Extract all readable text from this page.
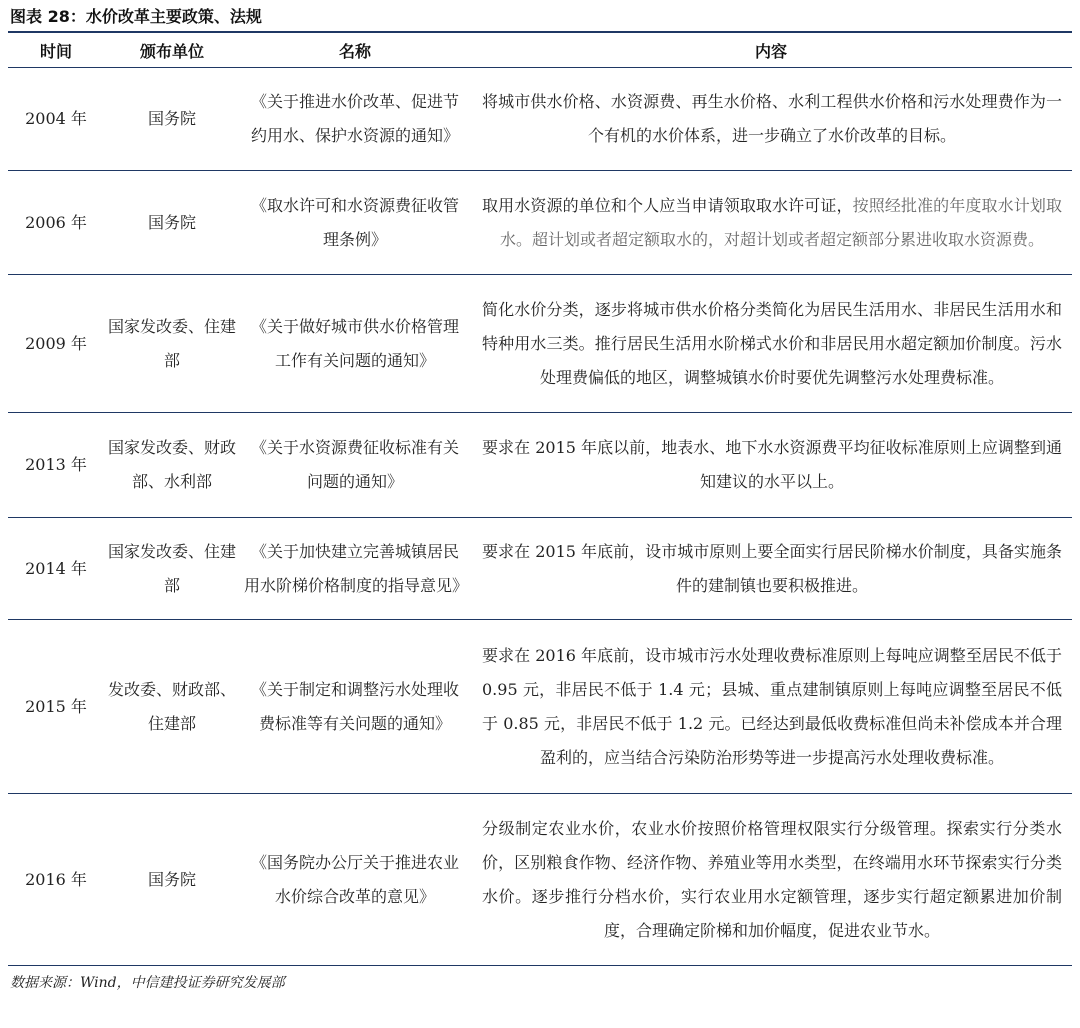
图表 28：水价改革主要政策、法规
时间	颁布单位	名称	内容
2004 年	国务院	《关于推进水价改革、促进节约用水、保护水资源的通知》	将城市供水价格、水资源费、再生水价格、水利工程供水价格和污水处理费作为一个有机的水价体系，进一步确立了水价改革的目标。
2006 年	国务院	《取水许可和水资源费征收管理条例》	取用水资源的单位和个人应当申请领取取水许可证，按照经批准的年度取水计划取水。超计划或者超定额取水的，对超计划或者超定额部分累进收取水资源费。
2009 年	国家发改委、住建部	《关于做好城市供水价格管理工作有关问题的通知》	简化水价分类，逐步将城市供水价格分类简化为居民生活用水、非居民生活用水和特种用水三类。推行居民生活用水阶梯式水价和非居民用水超定额加价制度。污水处理费偏低的地区，调整城镇水价时要优先调整污水处理费标准。
2013 年	国家发改委、财政部、水利部	《关于水资源费征收标准有关问题的通知》	要求在 2015 年底以前，地表水、地下水水资源费平均征收标准原则上应调整到通知建议的水平以上。
2014 年	国家发改委、住建部	《关于加快建立完善城镇居民用水阶梯价格制度的指导意见》	要求在 2015 年底前，设市城市原则上要全面实行居民阶梯水价制度，具备实施条件的建制镇也要积极推进。
2015 年	发改委、财政部、住建部	《关于制定和调整污水处理收费标准等有关问题的通知》	要求在 2016 年底前，设市城市污水处理收费标准原则上每吨应调整至居民不低于 0.95 元，非居民不低于 1.4 元；县城、重点建制镇原则上每吨应调整至居民不低于 0.85 元，非居民不低于 1.2 元。已经达到最低收费标准但尚未补偿成本并合理盈利的，应当结合污染防治形势等进一步提高污水处理收费标准。
2016 年	国务院	《国务院办公厅关于推进农业水价综合改革的意见》	分级制定农业水价，农业水价按照价格管理权限实行分级管理。探索实行分类水价，区别粮食作物、经济作物、养殖业等用水类型，在终端用水环节探索实行分类水价。逐步推行分档水价，实行农业用水定额管理，逐步实行超定额累进加价制度，合理确定阶梯和加价幅度，促进农业节水。
数据来源：Wind，中信建投证券研究发展部
